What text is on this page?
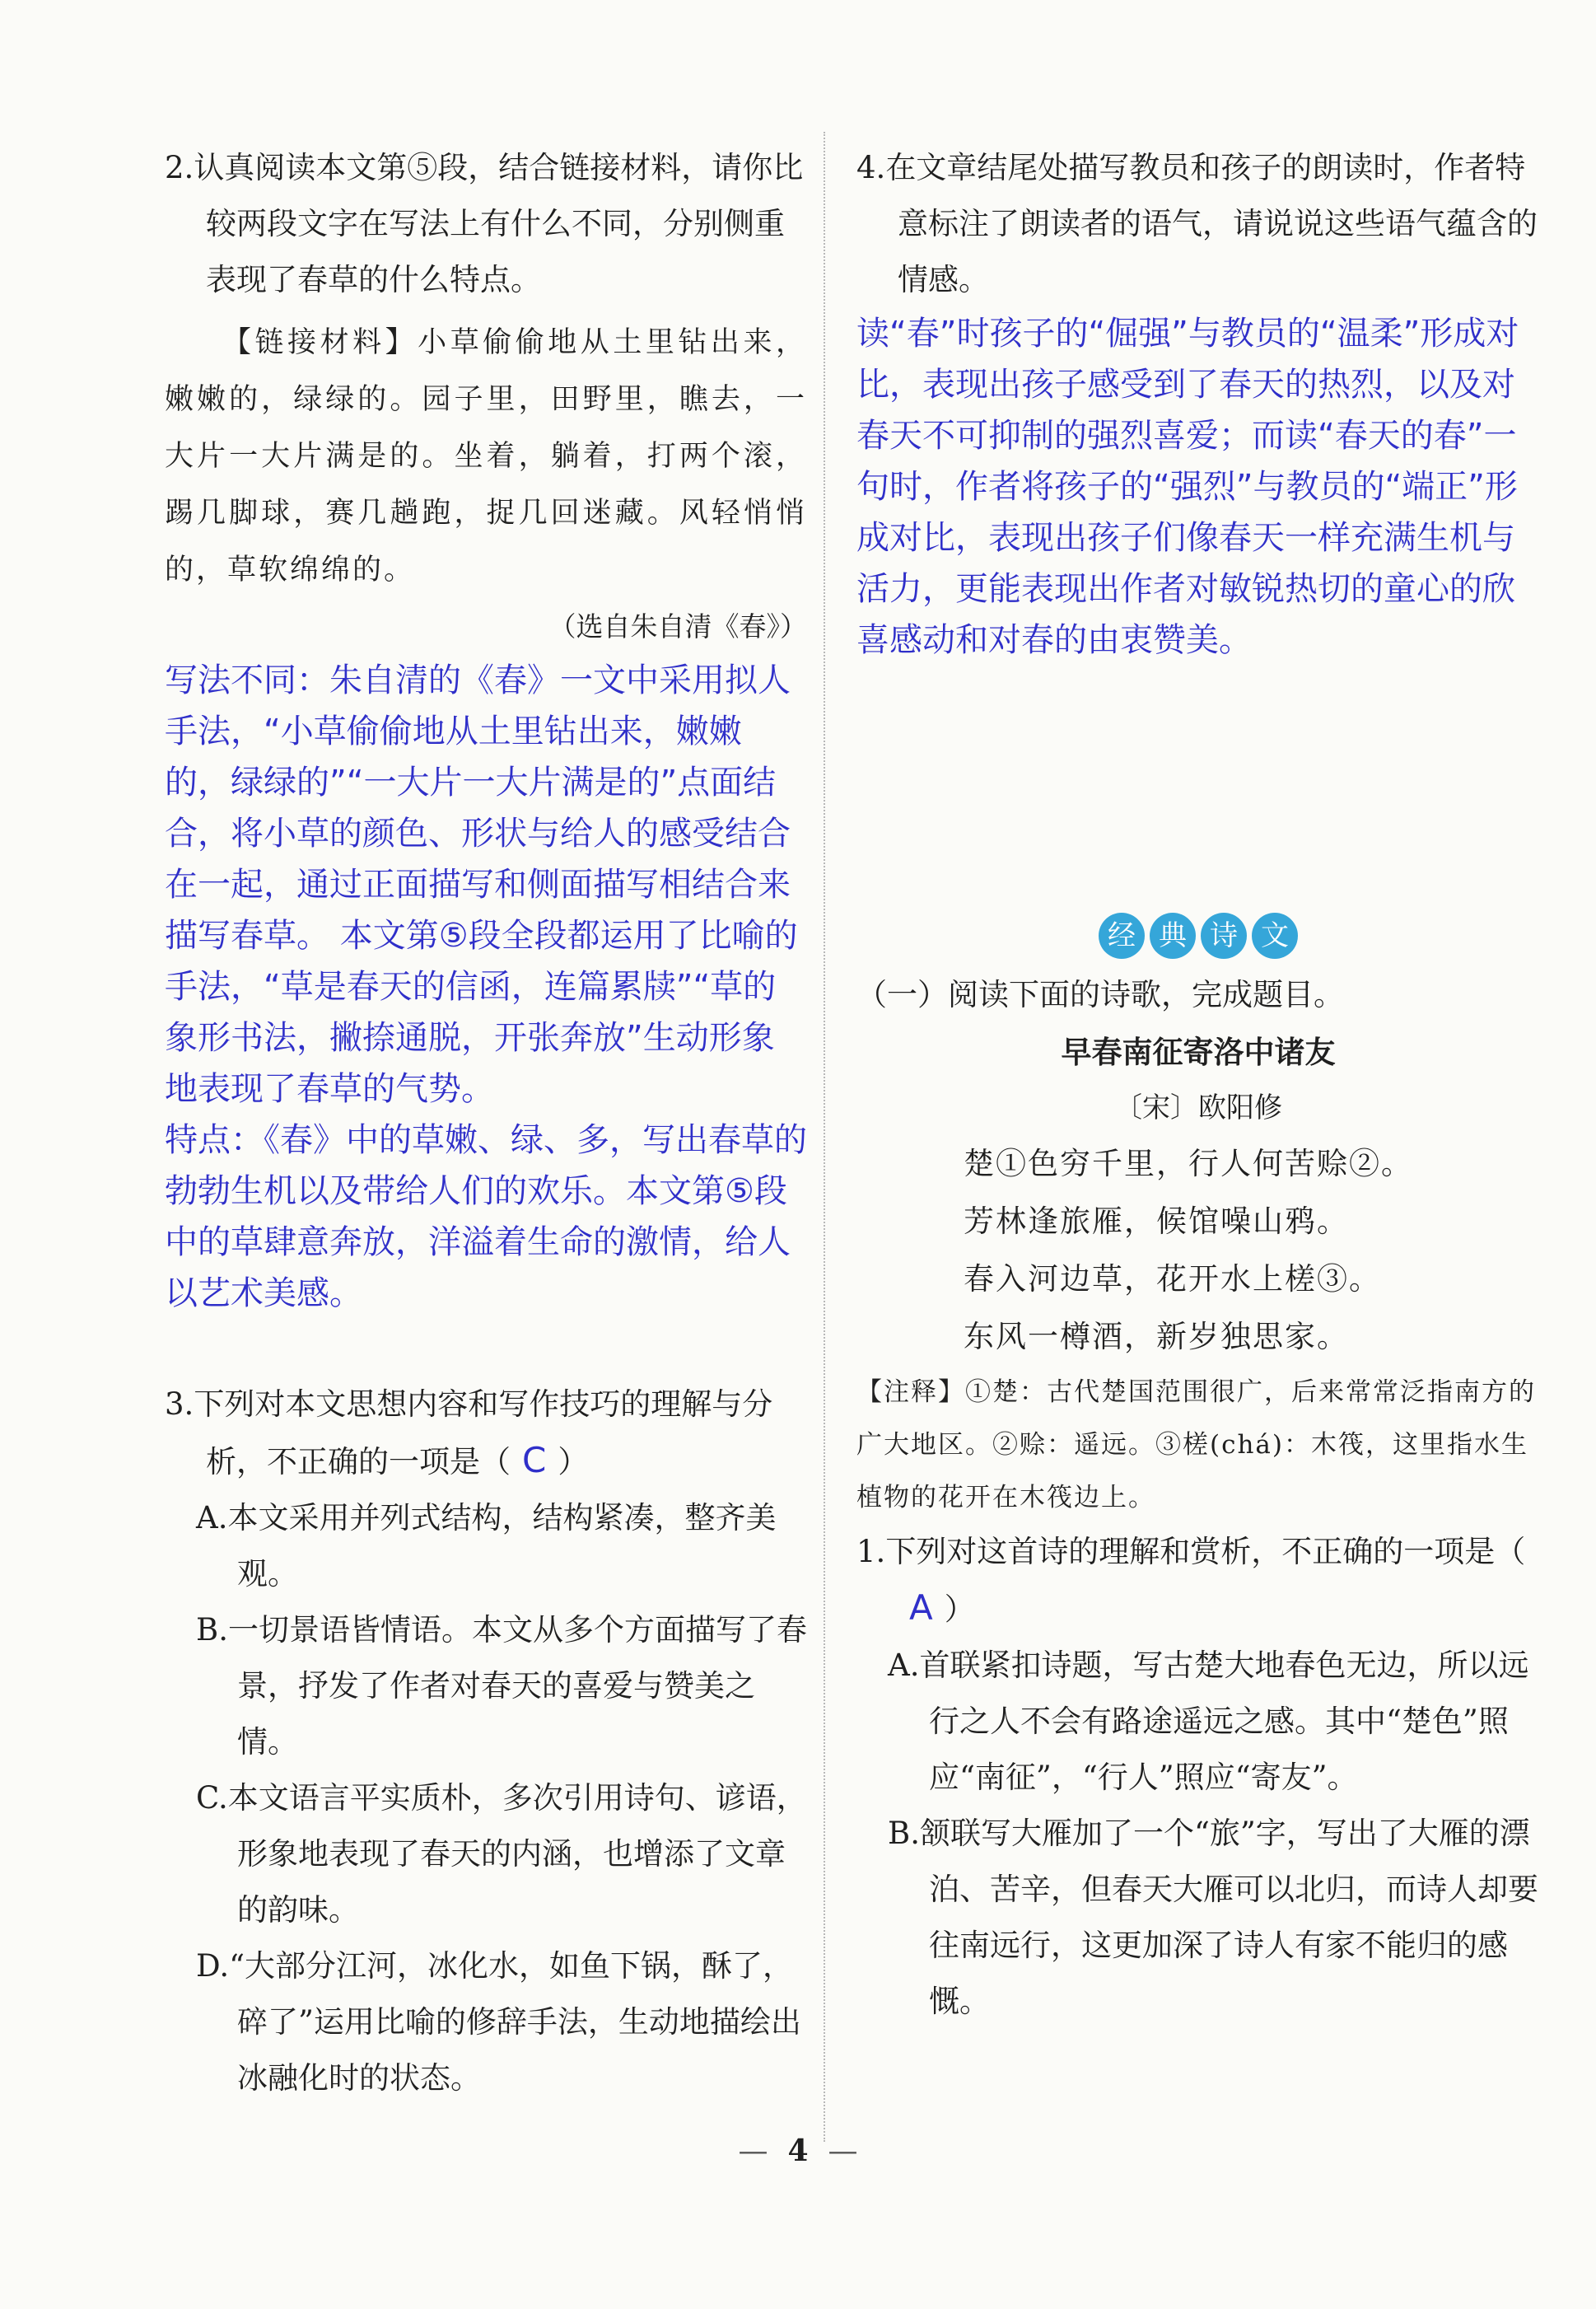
2.认真阅读本文第⑤段，结合链接材料，请你比较两段文字在写法上有什么不同，分别侧重表现了春草的什么特点。
【链接材料】小草偷偷地从土里钻出来，嫩嫩的，绿绿的。园子里，田野里，瞧去，一大片一大片满是的。坐着，躺着，打两个滚，踢几脚球，赛几趟跑，捉几回迷藏。风轻悄悄的，草软绵绵的。
（选自朱自清《春》）

写法不同：朱自清的《春》一文中采用拟人 手法，“小草偷偷地从土里钻出来，嫩嫩的，绿绿的”“一大片一大片满是的”点面结合，将小草的颜色、形状与给人的感受结合在一起，通过正面描写和侧面描写相结合来描写春草。 本文第⑤段全段都运用了比喻的手法，“草是春天的信函，连篇累牍”“草的象形书法，撇捺通脱，开张奔放”生动形象地表现了春草的气势。

特点：《春》中的草嫩、绿、多，写出春草的勃勃生机以及带给人们的欢乐。本文第⑤段中的草肆意奔放，洋溢着生命的激情，给人以艺术美感。

3.下列对本文思想内容和写作技巧的理解与分析，不正确的一项是（ C ）
A.本文采用并列式结构，结构紧凑，整齐美观。
B.一切景语皆情语。本文从多个方面描写了春景，抒发了作者对春天的喜爱与赞美之情。
C.本文语言平实质朴，多次引用诗句、谚语，形象地表现了春天的内涵，也增添了文章的韵味。
D.“大部分江河，冰化水，如鱼下锅，酥了，碎了”运用比喻的修辞手法，生动地描绘出冰融化时的状态。
4.在文章结尾处描写教员和孩子的朗读时，作者特意标注了朗读者的语气，请说说这些语气蕴含的情感。

读“春”时孩子的“倔强”与教员的“温柔”形成对比，表现出孩子感受到了春天的热烈，以及对春天不可抑制的强烈喜爱；而读“春天的春”一句时，作者将孩子的“强烈”与教员的“端正”形成对比，表现出孩子们像春天一样充满生机与活力，更能表现出作者对敏锐热切的童心的欣喜感动和对春的由衷赞美。

经 典 诗 文
（一）阅读下面的诗歌，完成题目。
早春南征寄洛中诸友
〔宋〕欧阳修
楚①色穷千里，行人何苦赊②。
芳林逢旅雁，候馆噪山鸦。
春入河边草，花开水上槎③。
东风一樽酒，新岁独思家。
【注释】①楚：古代楚国范围很广，后来常常泛指南方的广大地区。②赊：遥远。③槎(chá)：木筏，这里指水生植物的花开在木筏边上。
1.下列对这首诗的理解和赏析，不正确的一项是（A ）
A.首联紧扣诗题，写古楚大地春色无边，所以远行之人不会有路途遥远之感。其中“楚色”照应“南征”，“行人”照应“寄友”。
B.颔联写大雁加了一个“旅”字，写出了大雁的漂泊、苦辛，但春天大雁可以北归，而诗人却要往南远行，这更加深了诗人有家不能归的感慨。
— 4 —
